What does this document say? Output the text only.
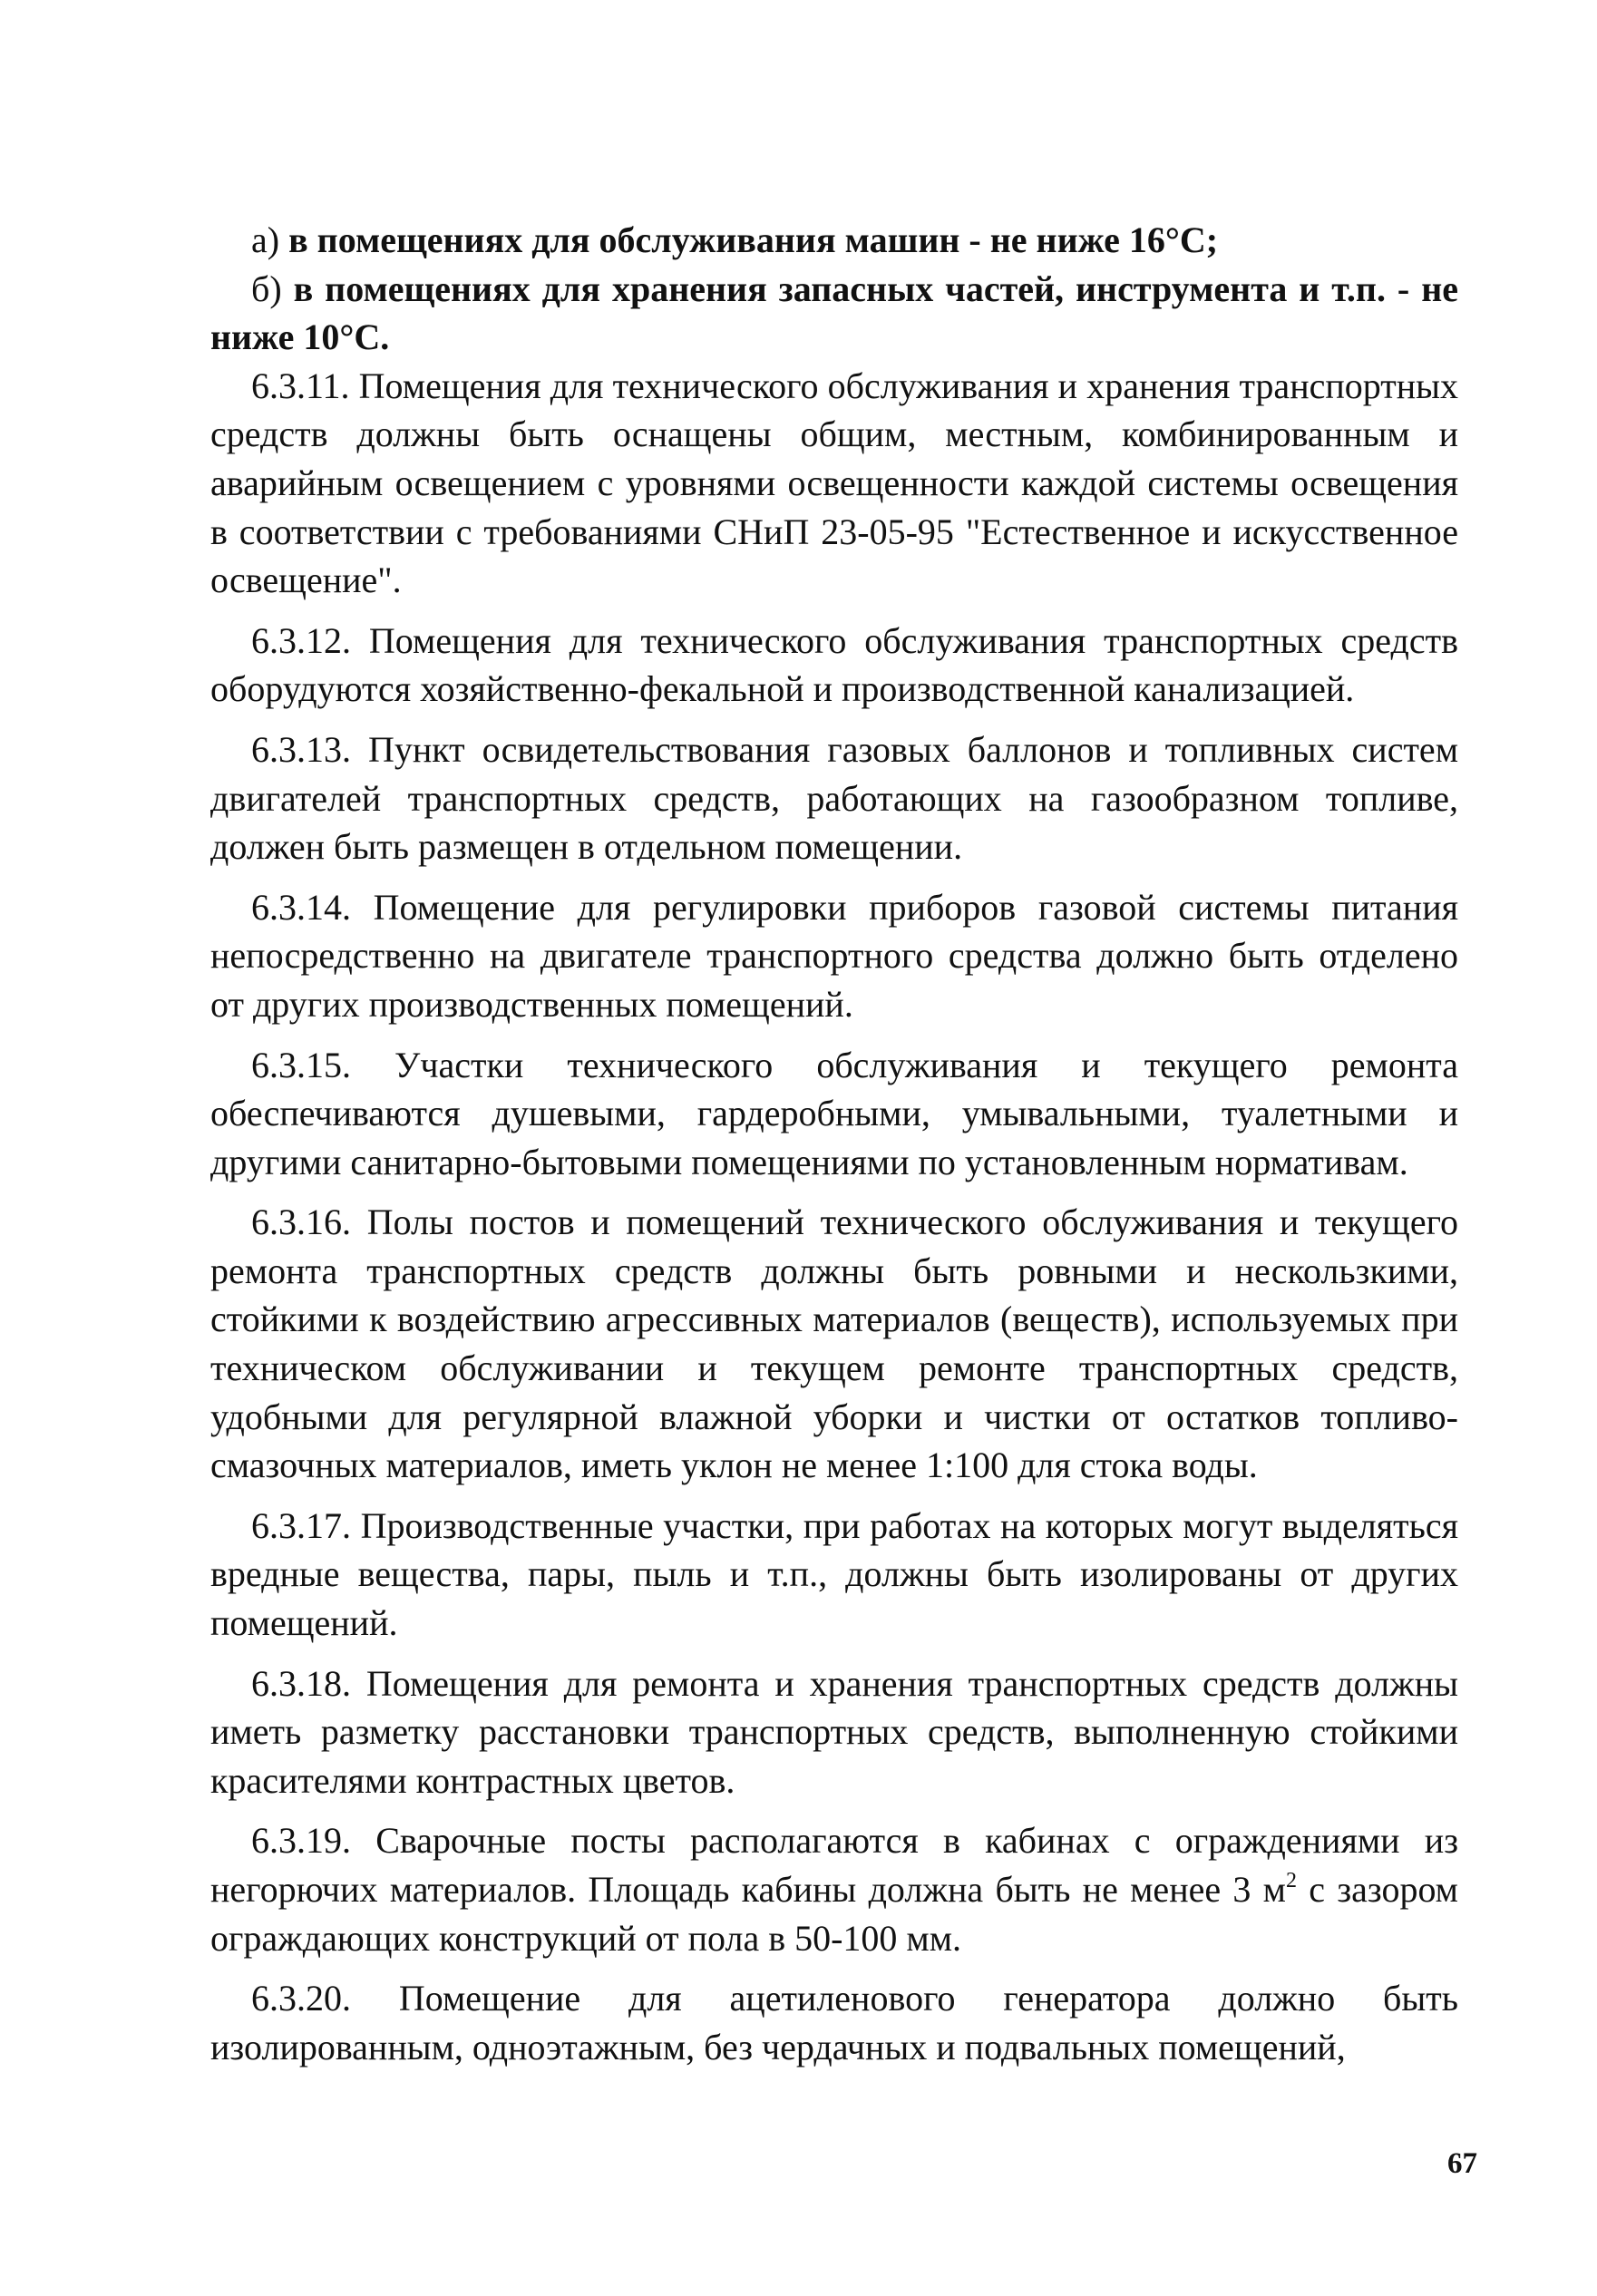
а) в помещениях для обслуживания машин - не ниже 16°С;

б) в помещениях для хранения запасных частей, инструмента и т.п. - не ниже 10°С.

6.3.11. Помещения для технического обслуживания и хранения транспортных средств должны быть оснащены общим, местным, комбинированным и аварийным освещением с уровнями освещенности каждой системы освещения в соответствии с требованиями СНиП 23-05-95 "Естественное и искусственное освещение".

6.3.12. Помещения для технического обслуживания транспортных средств оборудуются хозяйственно-фекальной и производственной канализацией.

6.3.13. Пункт освидетельствования газовых баллонов и топливных систем двигателей транспортных средств, работающих на газообразном топливе, должен быть размещен в отдельном помещении.

6.3.14. Помещение для регулировки приборов газовой системы питания непосредственно на двигателе транспортного средства должно быть отделено от других производственных помещений.

6.3.15. Участки технического обслуживания и текущего ремонта обеспечиваются душевыми, гардеробными, умывальными, туалетными и другими санитарно-бытовыми помещениями по установленным нормативам.

6.3.16. Полы постов и помещений технического обслуживания и текущего ремонта транспортных средств должны быть ровными и нескользкими, стойкими к воздействию агрессивных материалов (веществ), используемых при техническом обслуживании и текущем ремонте транспортных средств, удобными для регулярной влажной уборки и чистки от остатков топливо-смазочных материалов, иметь уклон не менее 1:100 для стока воды.

6.3.17. Производственные участки, при работах на которых могут выделяться вредные вещества, пары, пыль и т.п., должны быть изолированы от других помещений.

6.3.18. Помещения для ремонта и хранения транспортных средств должны иметь разметку расстановки транспортных средств, выполненную стойкими красителями контрастных цветов.

6.3.19. Сварочные посты располагаются в кабинах с ограждениями из негорючих материалов. Площадь кабины должна быть не менее 3 $м^2$ с зазором ограждающих конструкций от пола в 50-100 мм.

6.3.20. Помещение для ацетиленового генератора должно быть изолированным, одноэтажным, без чердачных и подвальных помещений,

67
